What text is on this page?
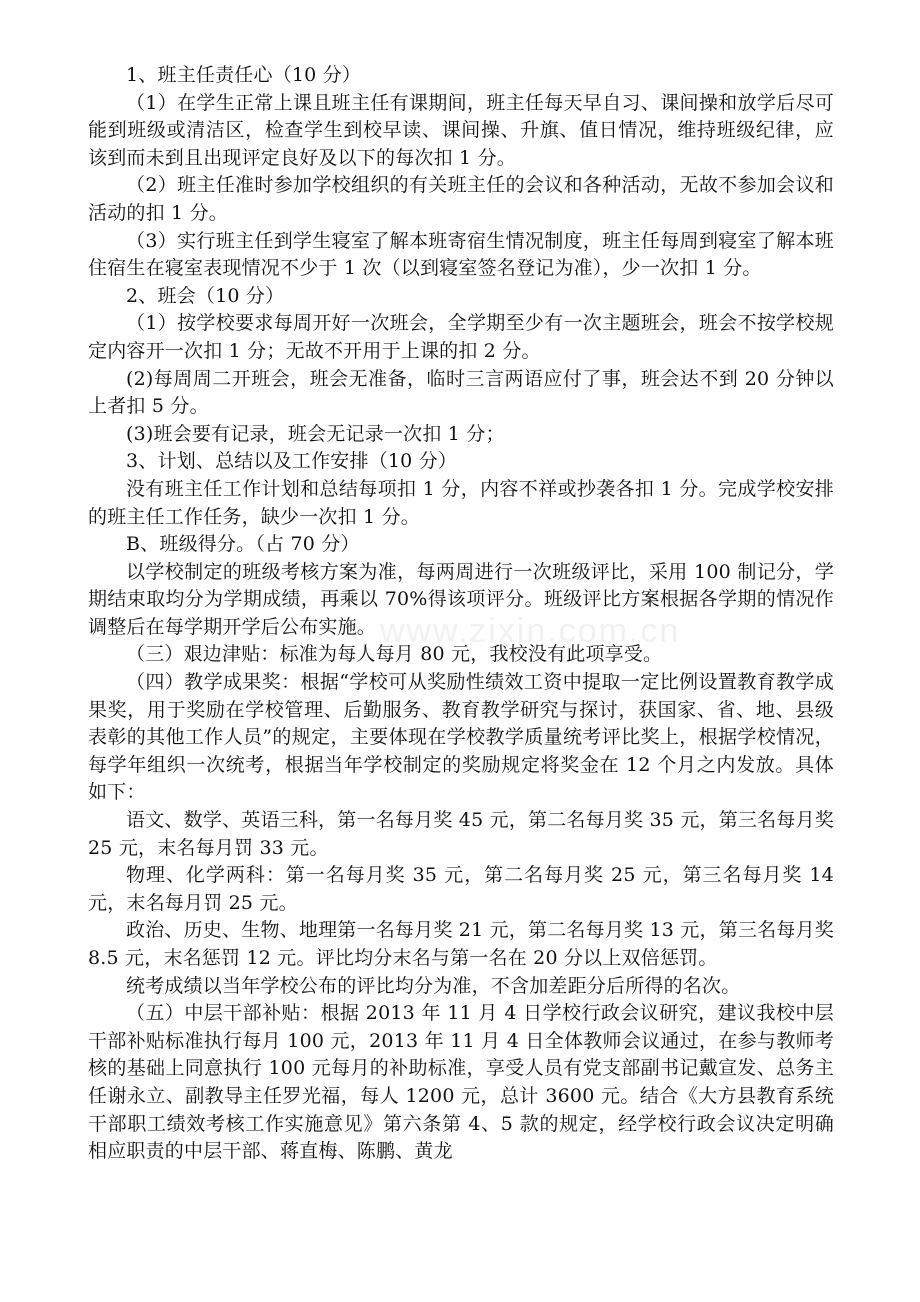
www.zixin.com.cn

1、班主任责任心（10 分）

（1）在学生正常上课且班主任有课期间，班主任每天早自习、课间操和放学后尽可能到班级或清洁区，检查学生到校早读、课间操、升旗、值日情况，维持班级纪律，应该到而未到且出现评定良好及以下的每次扣 1 分。

（2）班主任准时参加学校组织的有关班主任的会议和各种活动，无故不参加会议和活动的扣 1 分。

（3）实行班主任到学生寝室了解本班寄宿生情况制度，班主任每周到寝室了解本班住宿生在寝室表现情况不少于 1 次（以到寝室签名登记为准），少一次扣 1 分。

2、班会（10 分）

（1）按学校要求每周开好一次班会，全学期至少有一次主题班会，班会不按学校规定内容开一次扣 1 分；无故不开用于上课的扣 2 分。

(2)每周周二开班会，班会无准备，临时三言两语应付了事，班会达不到 20 分钟以上者扣 5 分。

(3)班会要有记录，班会无记录一次扣 1 分；

3、计划、总结以及工作安排（10 分）

没有班主任工作计划和总结每项扣 1 分，内容不祥或抄袭各扣 1 分。完成学校安排的班主任工作任务，缺少一次扣 1 分。

B、班级得分。（占 70 分）

以学校制定的班级考核方案为准，每两周进行一次班级评比，采用 100 制记分，学期结束取均分为学期成绩，再乘以 70%得该项评分。班级评比方案根据各学期的情况作调整后在每学期开学后公布实施。

（三）艰边津贴：标准为每人每月 80 元，我校没有此项享受。

（四）教学成果奖：根据“学校可从奖励性绩效工资中提取一定比例设置教育教学成果奖，用于奖励在学校管理、后勤服务、教育教学研究与探讨，获国家、省、地、县级表彰的其他工作人员”的规定，主要体现在学校教学质量统考评比奖上，根据学校情况，每学年组织一次统考，根据当年学校制定的奖励规定将奖金在 12 个月之内发放。具体如下：

语文、数学、英语三科，第一名每月奖 45 元，第二名每月奖 35 元，第三名每月奖 25 元，末名每月罚 33 元。

物理、化学两科：第一名每月奖 35 元，第二名每月奖 25 元，第三名每月奖 14 元，末名每月罚 25 元。

政治、历史、生物、地理第一名每月奖 21 元，第二名每月奖 13 元，第三名每月奖 8.5 元，末名惩罚 12 元。评比均分末名与第一名在 20 分以上双倍惩罚。

统考成绩以当年学校公布的评比均分为准，不含加差距分后所得的名次。

（五）中层干部补贴：根据 2013 年 11 月 4 日学校行政会议研究，建议我校中层干部补贴标准执行每月 100 元，2013 年 11 月 4 日全体教师会议通过，在参与教师考核的基础上同意执行 100 元每月的补助标准，享受人员有党支部副书记戴宣发、总务主任谢永立、副教导主任罗光福，每人 1200 元，总计 3600 元。结合《大方县教育系统干部职工绩效考核工作实施意见》第六条第 4、5 款的规定，经学校行政会议决定明确相应职责的中层干部、蒋直梅、陈鹏、黄龙
